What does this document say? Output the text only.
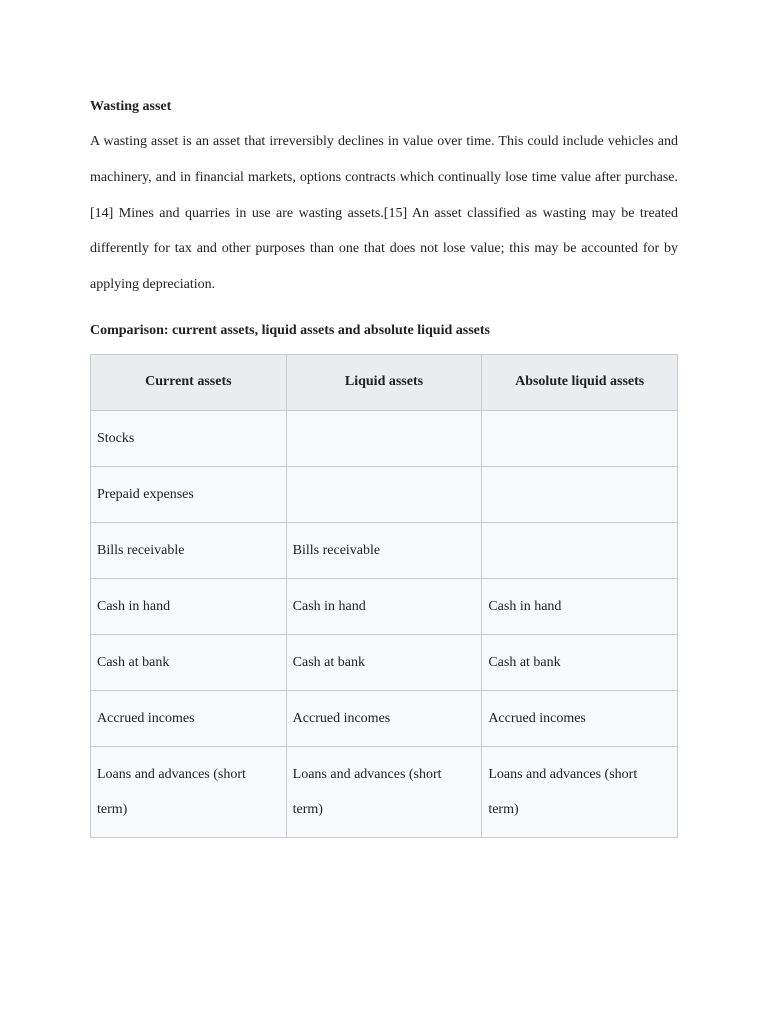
Wasting asset

A wasting asset is an asset that irreversibly declines in value over time. This could include vehicles and machinery, and in financial markets, options contracts which continually lose time value after purchase.[14] Mines and quarries in use are wasting assets.[15] An asset classified as wasting may be treated differently for tax and other purposes than one that does not lose value; this may be accounted for by applying depreciation.

Comparison: current assets, liquid assets and absolute liquid assets
Current assets	Liquid assets	Absolute liquid assets
Stocks		
Prepaid expenses		
Bills receivable	Bills receivable	
Cash in hand	Cash in hand	Cash in hand
Cash at bank	Cash at bank	Cash at bank
Accrued incomes	Accrued incomes	Accrued incomes
Loans and advances (short term)	Loans and advances (short term)	Loans and advances (short term)
